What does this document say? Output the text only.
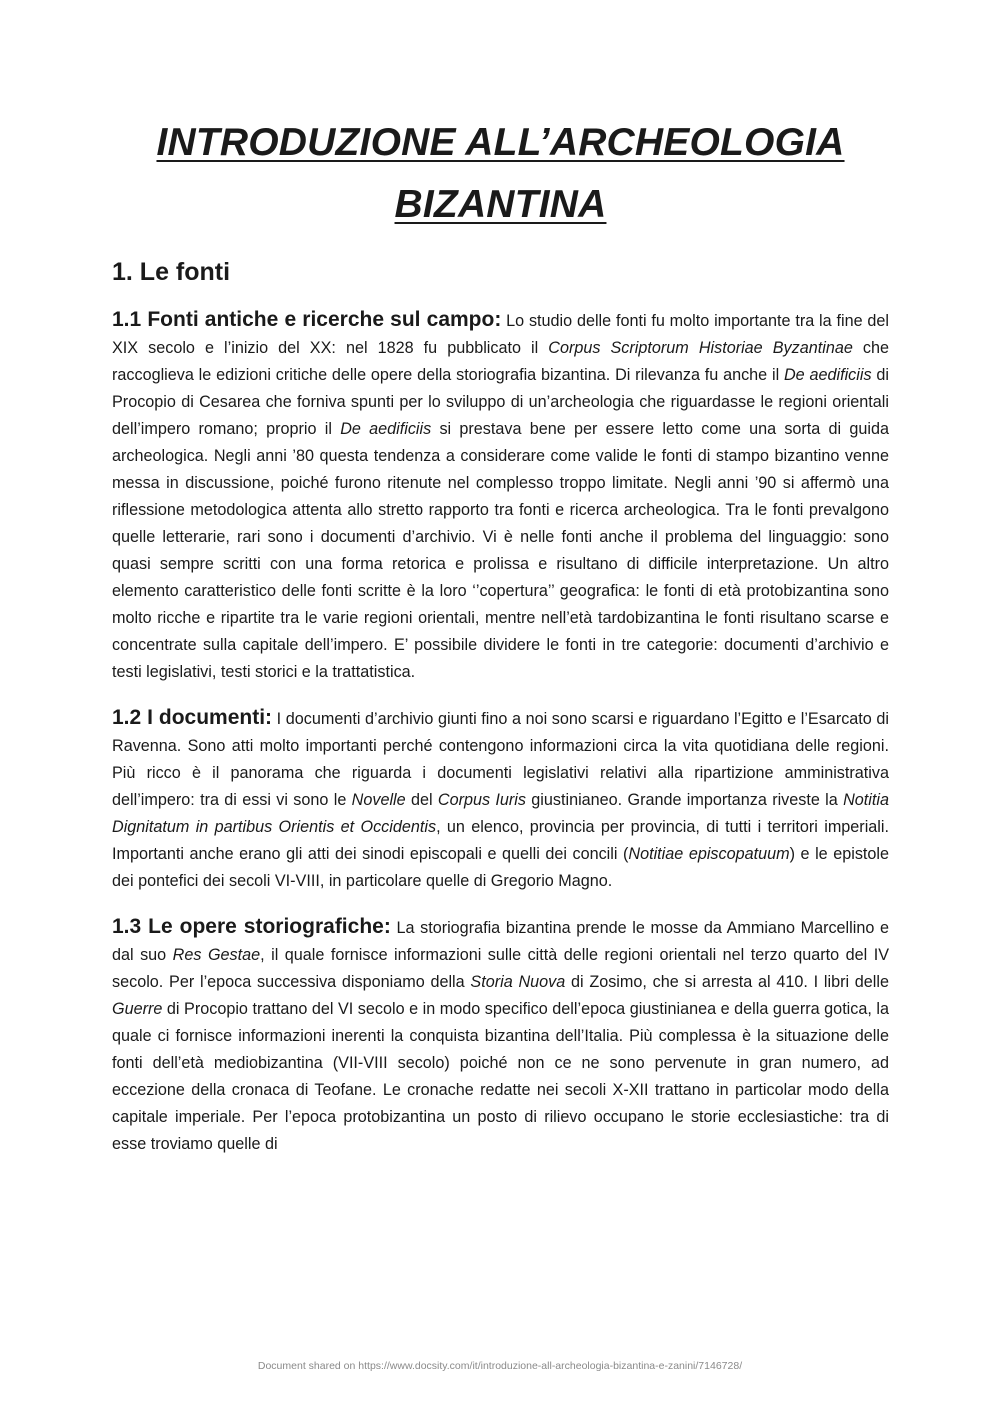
INTRODUZIONE ALL’ARCHEOLOGIA
BIZANTINA
1. Le fonti

1.1 Fonti antiche e ricerche sul campo: Lo studio delle fonti fu molto importante tra la fine del XIX secolo e l’inizio del XX: nel 1828 fu pubblicato il Corpus Scriptorum Historiae Byzantinae che raccoglieva le edizioni critiche delle opere della storiografia bizantina. Di rilevanza fu anche il De aedificiis di Procopio di Cesarea che forniva spunti per lo sviluppo di un’archeologia che riguardasse le regioni orientali dell’impero romano; proprio il De aedificiis si prestava bene per essere letto come una sorta di guida archeologica. Negli anni ’80 questa tendenza a considerare come valide le fonti di stampo bizantino venne messa in discussione, poiché furono ritenute nel complesso troppo limitate. Negli anni ’90 si affermò una riflessione metodologica attenta allo stretto rapporto tra fonti e ricerca archeologica. Tra le fonti prevalgono quelle letterarie, rari sono i documenti d’archivio. Vi è nelle fonti anche il problema del linguaggio: sono quasi sempre scritti con una forma retorica e prolissa e risultano di difficile interpretazione. Un altro elemento caratteristico delle fonti scritte è la loro ‘’copertura’’ geografica: le fonti di età protobizantina sono molto ricche e ripartite tra le varie regioni orientali, mentre nell’età tardobizantina le fonti risultano scarse e concentrate sulla capitale dell’impero. E’ possibile dividere le fonti in tre categorie: documenti d’archivio e testi legislativi, testi storici e la trattatistica.

1.2 I documenti: I documenti d’archivio giunti fino a noi sono scarsi e riguardano l’Egitto e l’Esarcato di Ravenna. Sono atti molto importanti perché contengono informazioni circa la vita quotidiana delle regioni. Più ricco è il panorama che riguarda i documenti legislativi relativi alla ripartizione amministrativa dell’impero: tra di essi vi sono le Novelle del Corpus Iuris giustinianeo. Grande importanza riveste la Notitia Dignitatum in partibus Orientis et Occidentis, un elenco, provincia per provincia, di tutti i territori imperiali. Importanti anche erano gli atti dei sinodi episcopali e quelli dei concili (Notitiae episcopatuum) e le epistole dei pontefici dei secoli VI-VIII, in particolare quelle di Gregorio Magno.

1.3 Le opere storiografiche: La storiografia bizantina prende le mosse da Ammiano Marcellino e dal suo Res Gestae, il quale fornisce informazioni sulle città delle regioni orientali nel terzo quarto del IV secolo. Per l’epoca successiva disponiamo della Storia Nuova di Zosimo, che si arresta al 410. I libri delle Guerre di Procopio trattano del VI secolo e in modo specifico dell’epoca giustinianea e della guerra gotica, la quale ci fornisce informazioni inerenti la conquista bizantina dell’Italia. Più complessa è la situazione delle fonti dell’età mediobizantina (VII-VIII secolo) poiché non ce ne sono pervenute in gran numero, ad eccezione della cronaca di Teofane. Le cronache redatte nei secoli X-XII trattano in particolar modo della capitale imperiale. Per l’epoca protobizantina un posto di rilievo occupano le storie ecclesiastiche: tra di esse troviamo quelle di

Document shared on https://www.docsity.com/it/introduzione-all-archeologia-bizantina-e-zanini/7146728/
